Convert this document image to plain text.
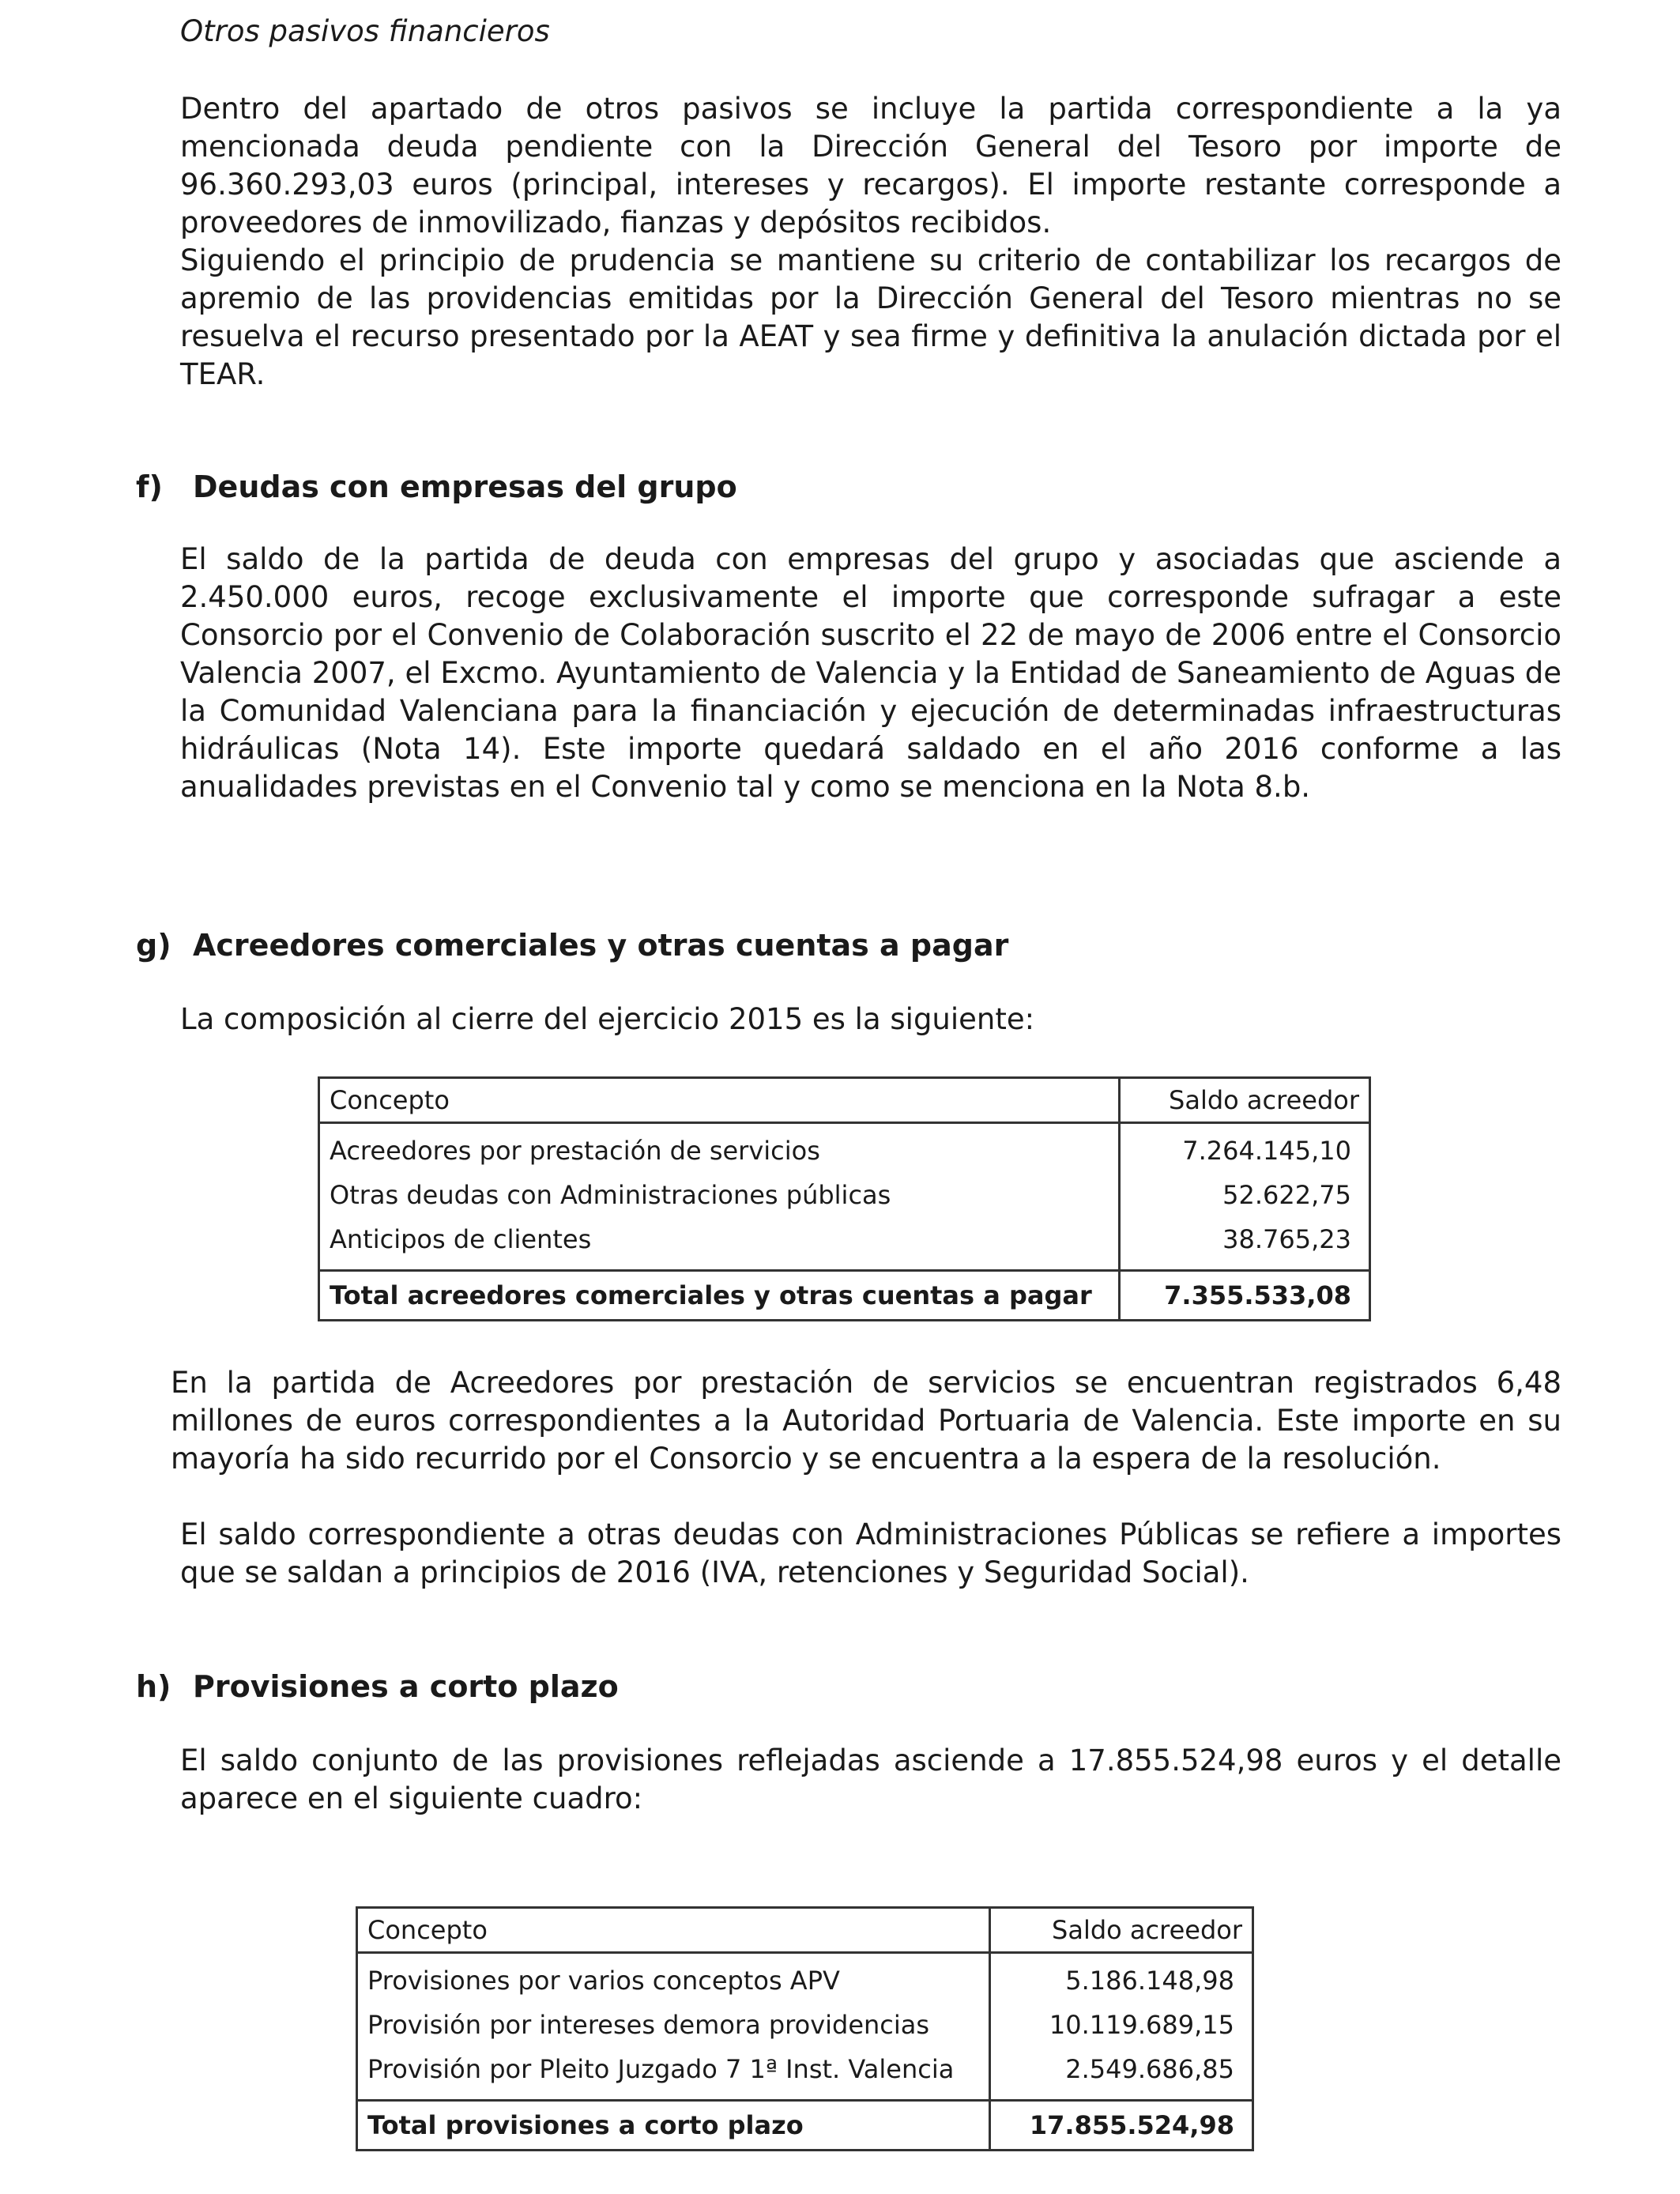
Otros pasivos financieros

Dentro del apartado de otros pasivos se incluye la partida correspondiente a la ya mencionada deuda pendiente con la Dirección General del Tesoro por importe de 96.360.293,03 euros (principal, intereses y recargos). El importe restante corresponde a proveedores de inmovilizado, fianzas y depósitos recibidos.

Siguiendo el principio de prudencia se mantiene su criterio de contabilizar los recargos de apremio de las providencias emitidas por la Dirección General del Tesoro mientras no se resuelva el recurso presentado por la AEAT y sea firme y definitiva la anulación dictada por el TEAR.

f) Deudas con empresas del grupo

El saldo de la partida de deuda con empresas del grupo y asociadas que asciende a 2.450.000 euros, recoge exclusivamente el importe que corresponde sufragar a este Consorcio por el Convenio de Colaboración suscrito el 22 de mayo de 2006 entre el Consorcio Valencia 2007, el Excmo. Ayuntamiento de Valencia y la Entidad de Saneamiento de Aguas de la Comunidad Valenciana para la financiación y ejecución de determinadas infraestructuras hidráulicas (Nota 14). Este importe quedará saldado en el año 2016 conforme a las anualidades previstas en el Convenio tal y como se menciona en la Nota 8.b.

g) Acreedores comerciales y otras cuentas a pagar

La composición al cierre del ejercicio 2015 es la siguiente:

Concepto	Saldo acreedor
Acreedores por prestación de servicios	7.264.145,10
Otras deudas con Administraciones públicas	52.622,75
Anticipos de clientes	38.765,23
Total acreedores comerciales y otras cuentas a pagar	7.355.533,08

En la partida de Acreedores por prestación de servicios se encuentran registrados 6,48 millones de euros correspondientes a la Autoridad Portuaria de Valencia. Este importe en su mayoría ha sido recurrido por el Consorcio y se encuentra a la espera de la resolución.

El saldo correspondiente a otras deudas con Administraciones Públicas se refiere a importes que se saldan a principios de 2016 (IVA, retenciones y Seguridad Social).

h) Provisiones a corto plazo

El saldo conjunto de las provisiones reflejadas asciende a 17.855.524,98 euros y el detalle aparece en el siguiente cuadro:

Concepto	Saldo acreedor
Provisiones por varios conceptos APV	5.186.148,98
Provisión por intereses demora providencias	10.119.689,15
Provisión por Pleito Juzgado 7 1ª Inst. Valencia	2.549.686,85
Total provisiones a corto plazo	17.855.524,98
